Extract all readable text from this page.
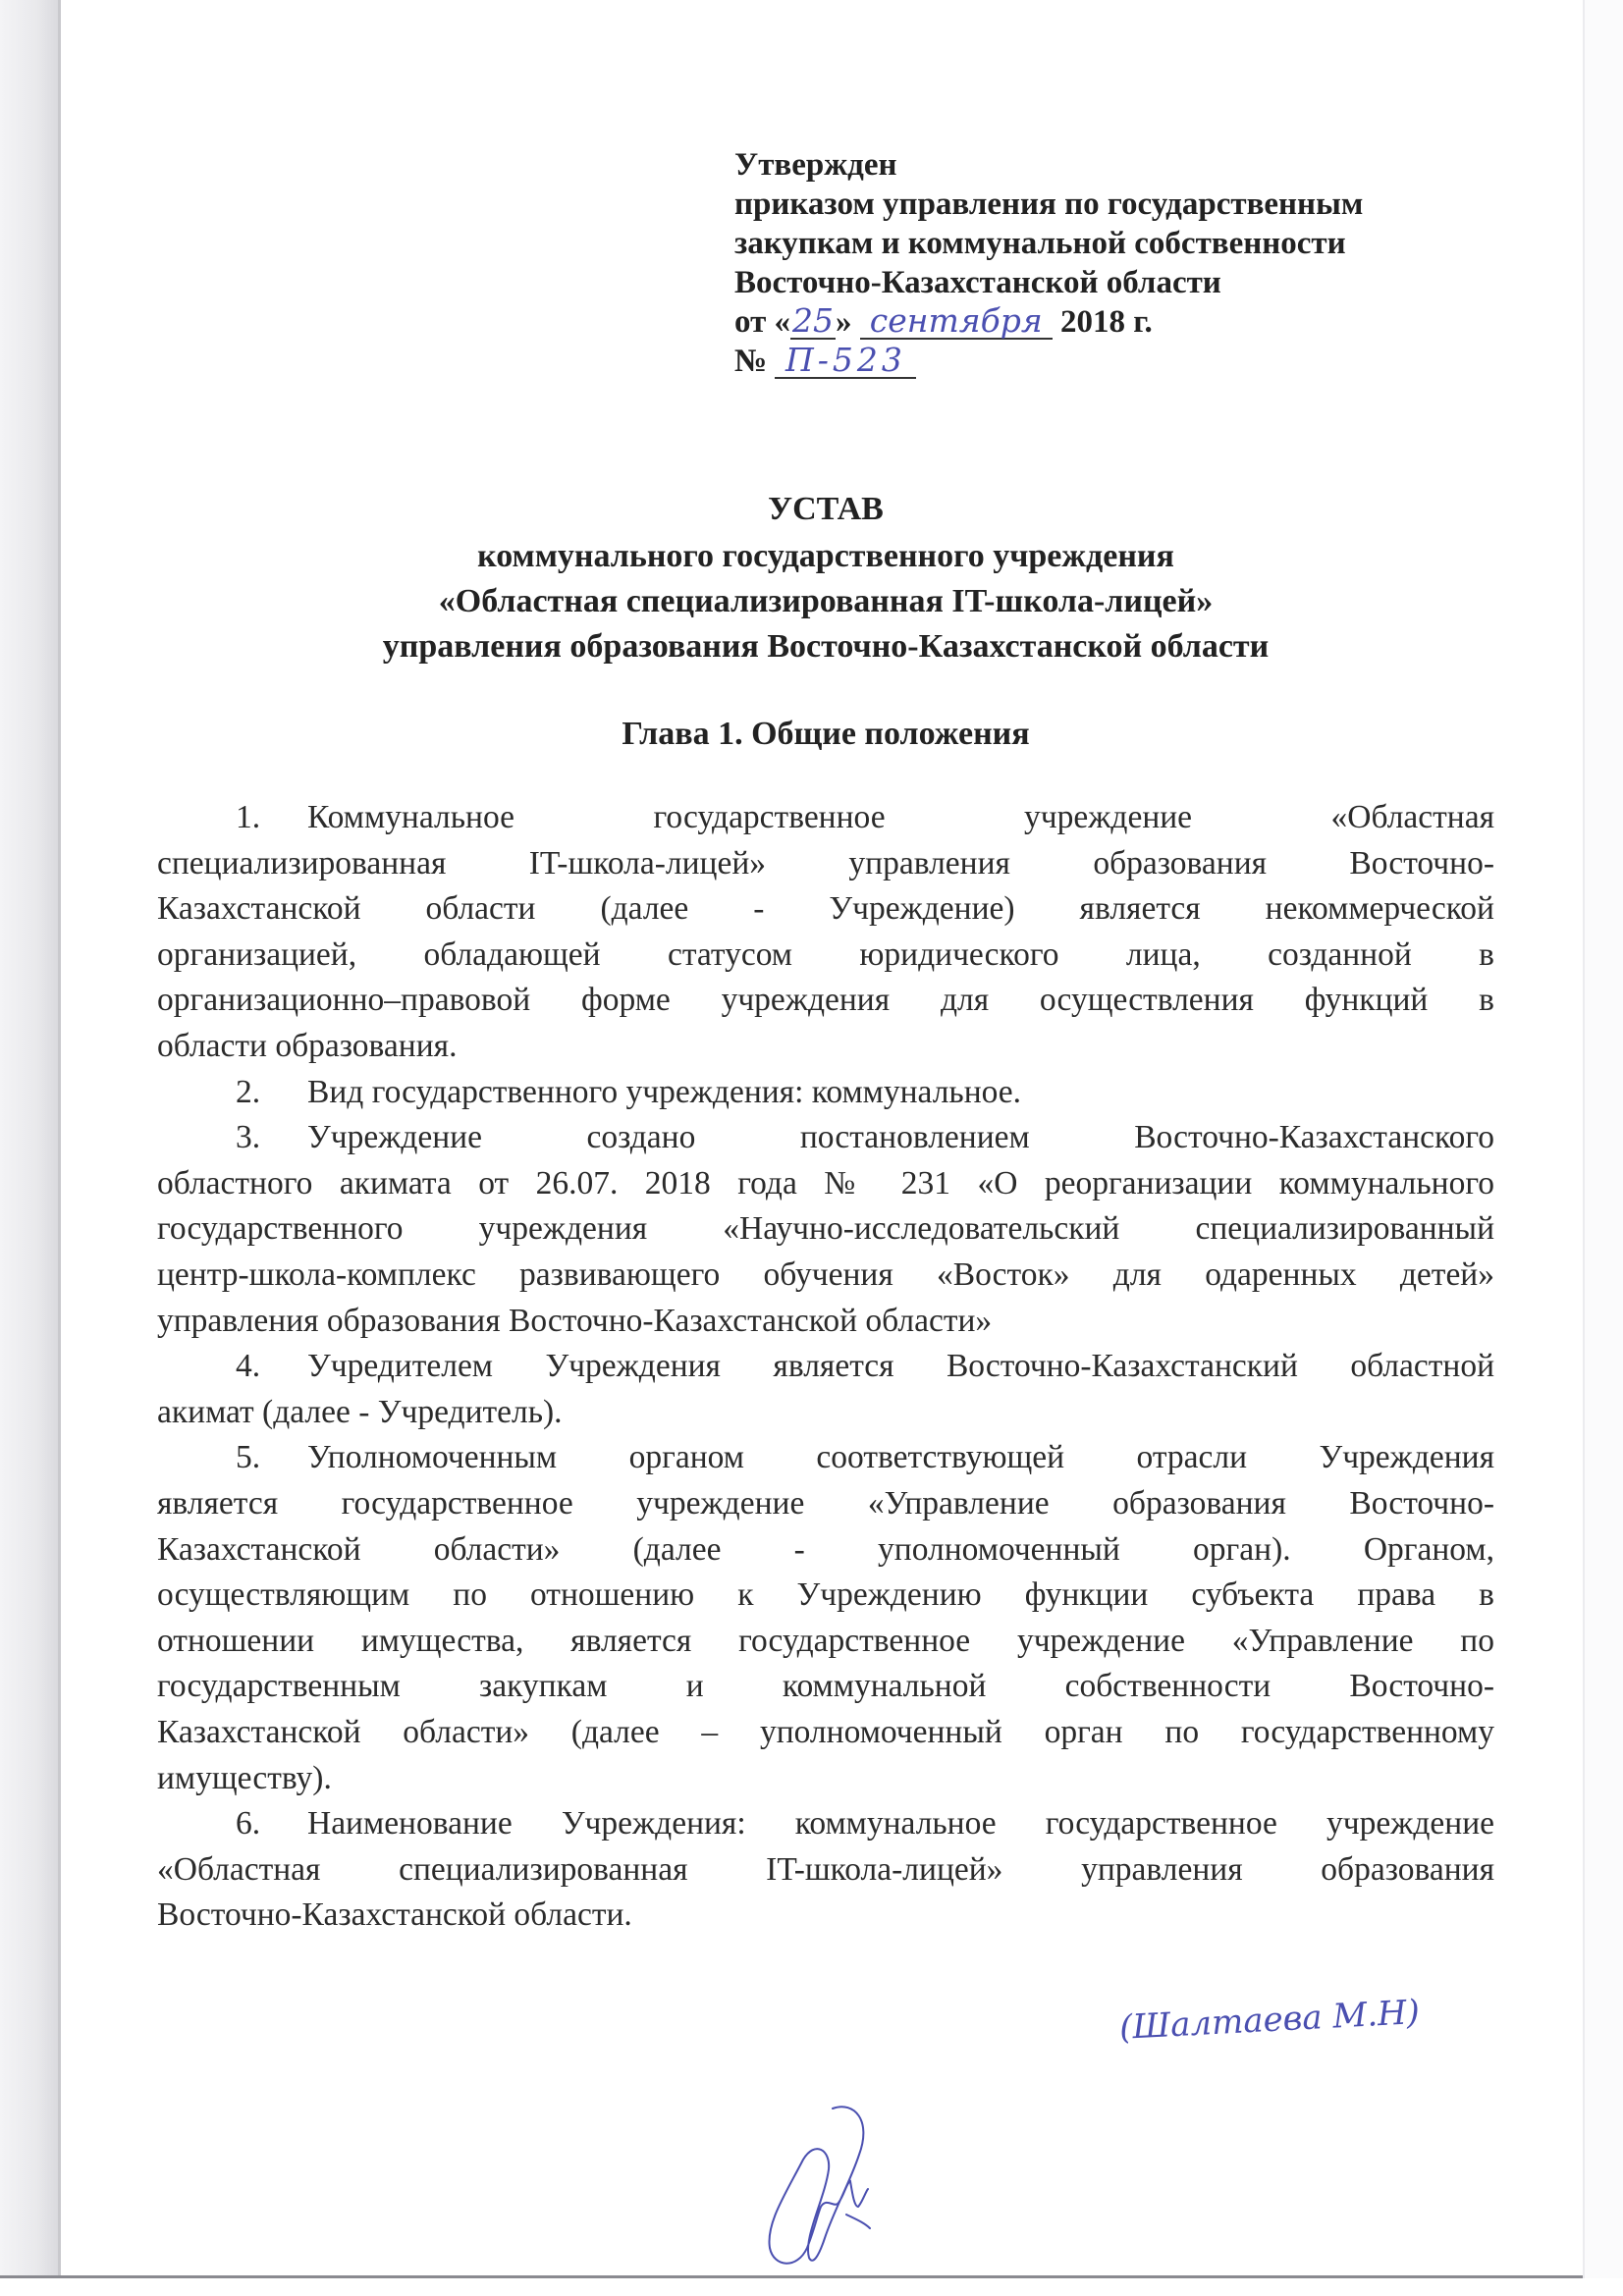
Утвержден
приказом управления по государственным
закупкам и коммунальной собственности
Восточно-Казахстанской области
от «25» сентября 2018 г.
№ П-523
УСТАВ
коммунального государственного учреждения
«Областная специализированная IT-школа-лицей»
управления образования Восточно-Казахстанской области
Глава 1. Общие положения
1. Коммунальное государственное учреждение «Областная
специализированная IT-школа-лицей» управления образования Восточно-
Казахстанской области (далее - Учреждение) является некоммерческой
организацией, обладающей статусом юридического лица, созданной в
организационно–правовой форме учреждения для осуществления функций в
области образования.
2. Вид государственного учреждения: коммунальное.
3. Учреждение создано постановлением Восточно-Казахстанского
областного акимата от 26.07. 2018 года № 231 «О реорганизации коммунального
государственного учреждения «Научно-исследовательский специализированный
центр-школа-комплекс развивающего обучения «Восток» для одаренных детей»
управления образования Восточно-Казахстанской области»
4. Учредителем Учреждения является Восточно-Казахстанский областной
акимат (далее - Учредитель).
5. Уполномоченным органом соответствующей отрасли Учреждения
является государственное учреждение «Управление образования Восточно-
Казахстанской области» (далее - уполномоченный орган). Органом,
осуществляющим по отношению к Учреждению функции субъекта права в
отношении имущества, является государственное учреждение «Управление по
государственным закупкам и коммунальной собственности Восточно-
Казахстанской области» (далее – уполномоченный орган по государственному
имуществу).
6. Наименование Учреждения: коммунальное государственное учреждение
«Областная специализированная IT-школа-лицей» управления образования
Восточно-Казахстанской области.
(Шалтаева М.Н)
